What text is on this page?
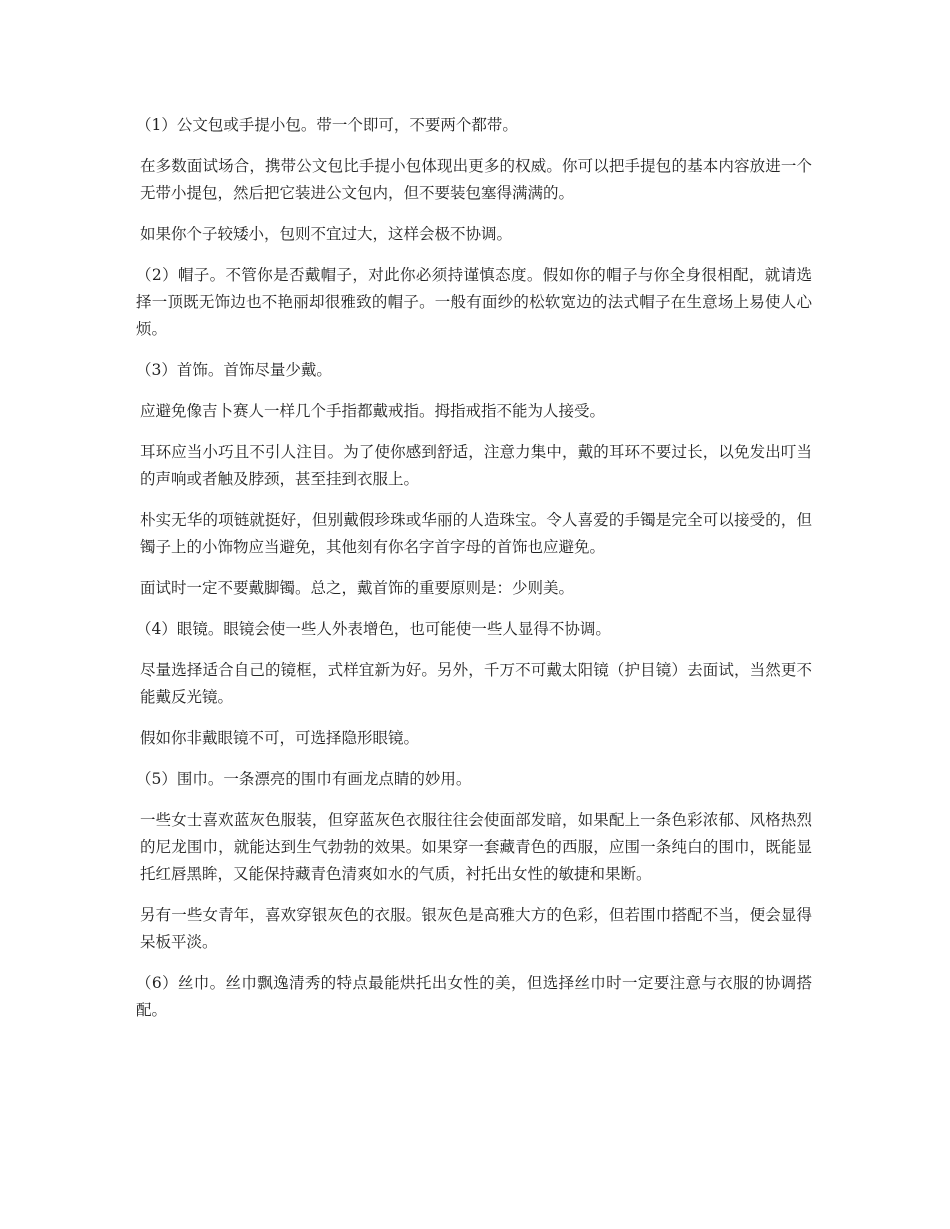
（1）公文包或手提小包。带一个即可，不要两个都带。

在多数面试场合，携带公文包比手提小包体现出更多的权威。你可以把手提包的基本内容放进一个无带小提包，然后把它装进公文包内，但不要装包塞得满满的。

如果你个子较矮小，包则不宜过大，这样会极不协调。

（2）帽子。不管你是否戴帽子，对此你必须持谨慎态度。假如你的帽子与你全身很相配，就请选择一顶既无饰边也不艳丽却很雅致的帽子。一般有面纱的松软宽边的法式帽子在生意场上易使人心烦。

（3）首饰。首饰尽量少戴。

应避免像吉卜赛人一样几个手指都戴戒指。拇指戒指不能为人接受。

耳环应当小巧且不引人注目。为了使你感到舒适，注意力集中，戴的耳环不要过长，以免发出叮当的声响或者触及脖颈，甚至挂到衣服上。

朴实无华的项链就挺好，但别戴假珍珠或华丽的人造珠宝。令人喜爱的手镯是完全可以接受的，但镯子上的小饰物应当避免，其他刻有你名字首字母的首饰也应避免。

面试时一定不要戴脚镯。总之，戴首饰的重要原则是：少则美。

（4）眼镜。眼镜会使一些人外表增色，也可能使一些人显得不协调。

尽量选择适合自己的镜框，式样宜新为好。另外，千万不可戴太阳镜（护目镜）去面试，当然更不能戴反光镜。

假如你非戴眼镜不可，可选择隐形眼镜。

（5）围巾。一条漂亮的围巾有画龙点睛的妙用。

一些女士喜欢蓝灰色服装，但穿蓝灰色衣服往往会使面部发暗，如果配上一条色彩浓郁、风格热烈的尼龙围巾，就能达到生气勃勃的效果。如果穿一套藏青色的西服，应围一条纯白的围巾，既能显托红唇黑眸，又能保持藏青色清爽如水的气质，衬托出女性的敏捷和果断。

另有一些女青年，喜欢穿银灰色的衣服。银灰色是高雅大方的色彩，但若围巾搭配不当，便会显得呆板平淡。

（6）丝巾。丝巾飘逸清秀的特点最能烘托出女性的美，但选择丝巾时一定要注意与衣服的协调搭配。
